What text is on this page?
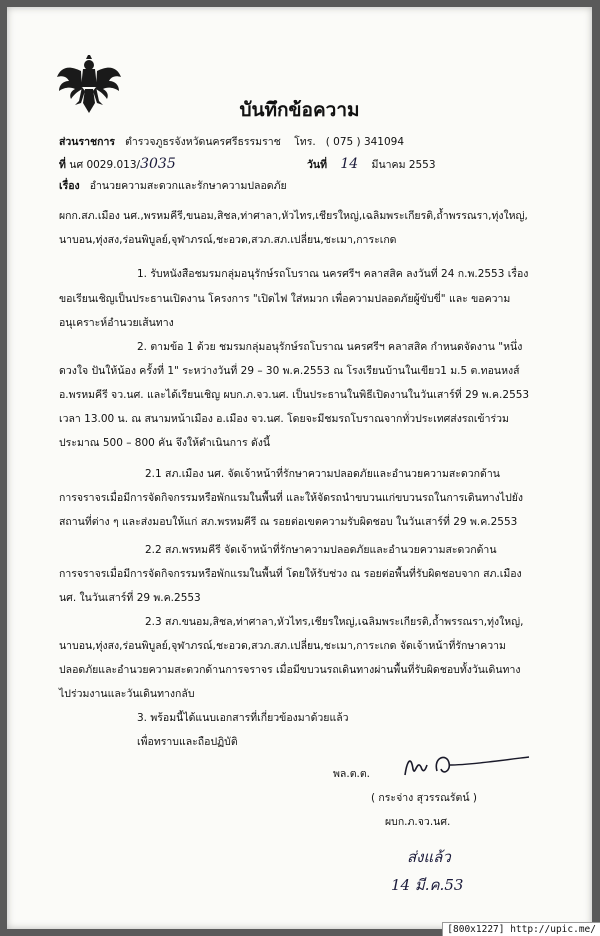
บันทึกข้อความ
ส่วนราชการ ตำรวจภูธรจังหวัดนครศรีธรรมราช โทร. ( 075 ) 341094
ที่ นศ 0029.013/3035	วันที่ 14 มีนาคม 2553
เรื่อง อำนวยความสะดวกและรักษาความปลอดภัย
ผกก.สภ.เมือง นศ.,พรหมคีรี,ขนอม,สิชล,ท่าศาลา,หัวไทร,เชียรใหญ่,เฉลิมพระเกียรติ,ถ้ำพรรณรา,ทุ่งใหญ่,
นาบอน,ทุ่งสง,ร่อนพิบูลย์,จุฬาภรณ์,ชะอวด,สวภ.สภ.เปลี่ยน,ชะเมา,การะเกด
1. รับหนังสือชมรมกลุ่มอนุรักษ์รถโบราณ นครศรีฯ คลาสสิค ลงวันที่ 24 ก.พ.2553 เรื่อง
ขอเรียนเชิญเป็นประธานเปิดงาน โครงการ "เปิดไฟ ใส่หมวก เพื่อความปลอดภัยผู้ขับขี่" และ ขอความ
อนุเคราะห์อำนวยเส้นทาง
2. ตามข้อ 1 ด้วย ชมรมกลุ่มอนุรักษ์รถโบราณ นครศรีฯ คลาสสิค กำหนดจัดงาน "หนึ่ง
ดวงใจ ปันให้น้อง ครั้งที่ 1" ระหว่างวันที่ 29 – 30 พ.ค.2553 ณ โรงเรียนบ้านในเขียว1 ม.5 ต.ทอนหงส์
อ.พรหมคีรี จว.นศ. และได้เรียนเชิญ ผบก.ภ.จว.นศ. เป็นประธานในพิธีเปิดงานในวันเสาร์ที่ 29 พ.ค.2553
เวลา 13.00 น. ณ สนามหน้าเมือง อ.เมือง จว.นศ. โดยจะมีชมรถโบราณจากทั่วประเทศส่งรถเข้าร่วม
ประมาณ 500 – 800 คัน จึงให้ดำเนินการ ดังนี้
2.1 สภ.เมือง นศ. จัดเจ้าหน้าที่รักษาความปลอดภัยและอำนวยความสะดวกด้าน
การจราจรเมื่อมีการจัดกิจกรรมหรือพักแรมในพื้นที่ และให้จัดรถนำขบวนแก่ขบวนรถในการเดินทางไปยัง
สถานที่ต่าง ๆ และส่งมอบให้แก่ สภ.พรหมคีรี ณ รอยต่อเขตความรับผิดชอบ ในวันเสาร์ที่ 29 พ.ค.2553
2.2 สภ.พรหมคีรี จัดเจ้าหน้าที่รักษาความปลอดภัยและอำนวยความสะดวกด้าน
การจราจรเมื่อมีการจัดกิจกรรมหรือพักแรมในพื้นที่ โดยให้รับช่วง ณ รอยต่อพื้นที่รับผิดชอบจาก สภ.เมือง
นศ. ในวันเสาร์ที่ 29 พ.ค.2553
2.3 สภ.ขนอม,สิชล,ท่าศาลา,หัวไทร,เชียรใหญ่,เฉลิมพระเกียรติ,ถ้ำพรรณรา,ทุ่งใหญ่,
นาบอน,ทุ่งสง,ร่อนพิบูลย์,จุฬาภรณ์,ชะอวด,สวภ.สภ.เปลี่ยน,ชะเมา,การะเกด จัดเจ้าหน้าที่รักษาความ
ปลอดภัยและอำนวยความสะดวกด้านการจราจร เมื่อมีขบวนรถเดินทางผ่านพื้นที่รับผิดชอบทั้งวันเดินทาง
ไปร่วมงานและวันเดินทางกลับ
3. พร้อมนี้ได้แนบเอกสารที่เกี่ยวข้องมาด้วยแล้ว
เพื่อทราบและถือปฏิบัติ
พล.ต.ต.
( กระจ่าง สุวรรณรัตน์ )
ผบก.ภ.จว.นศ.
ส่งแล้ว
14 มี.ค.53
[800x1227] http://upic.me/
